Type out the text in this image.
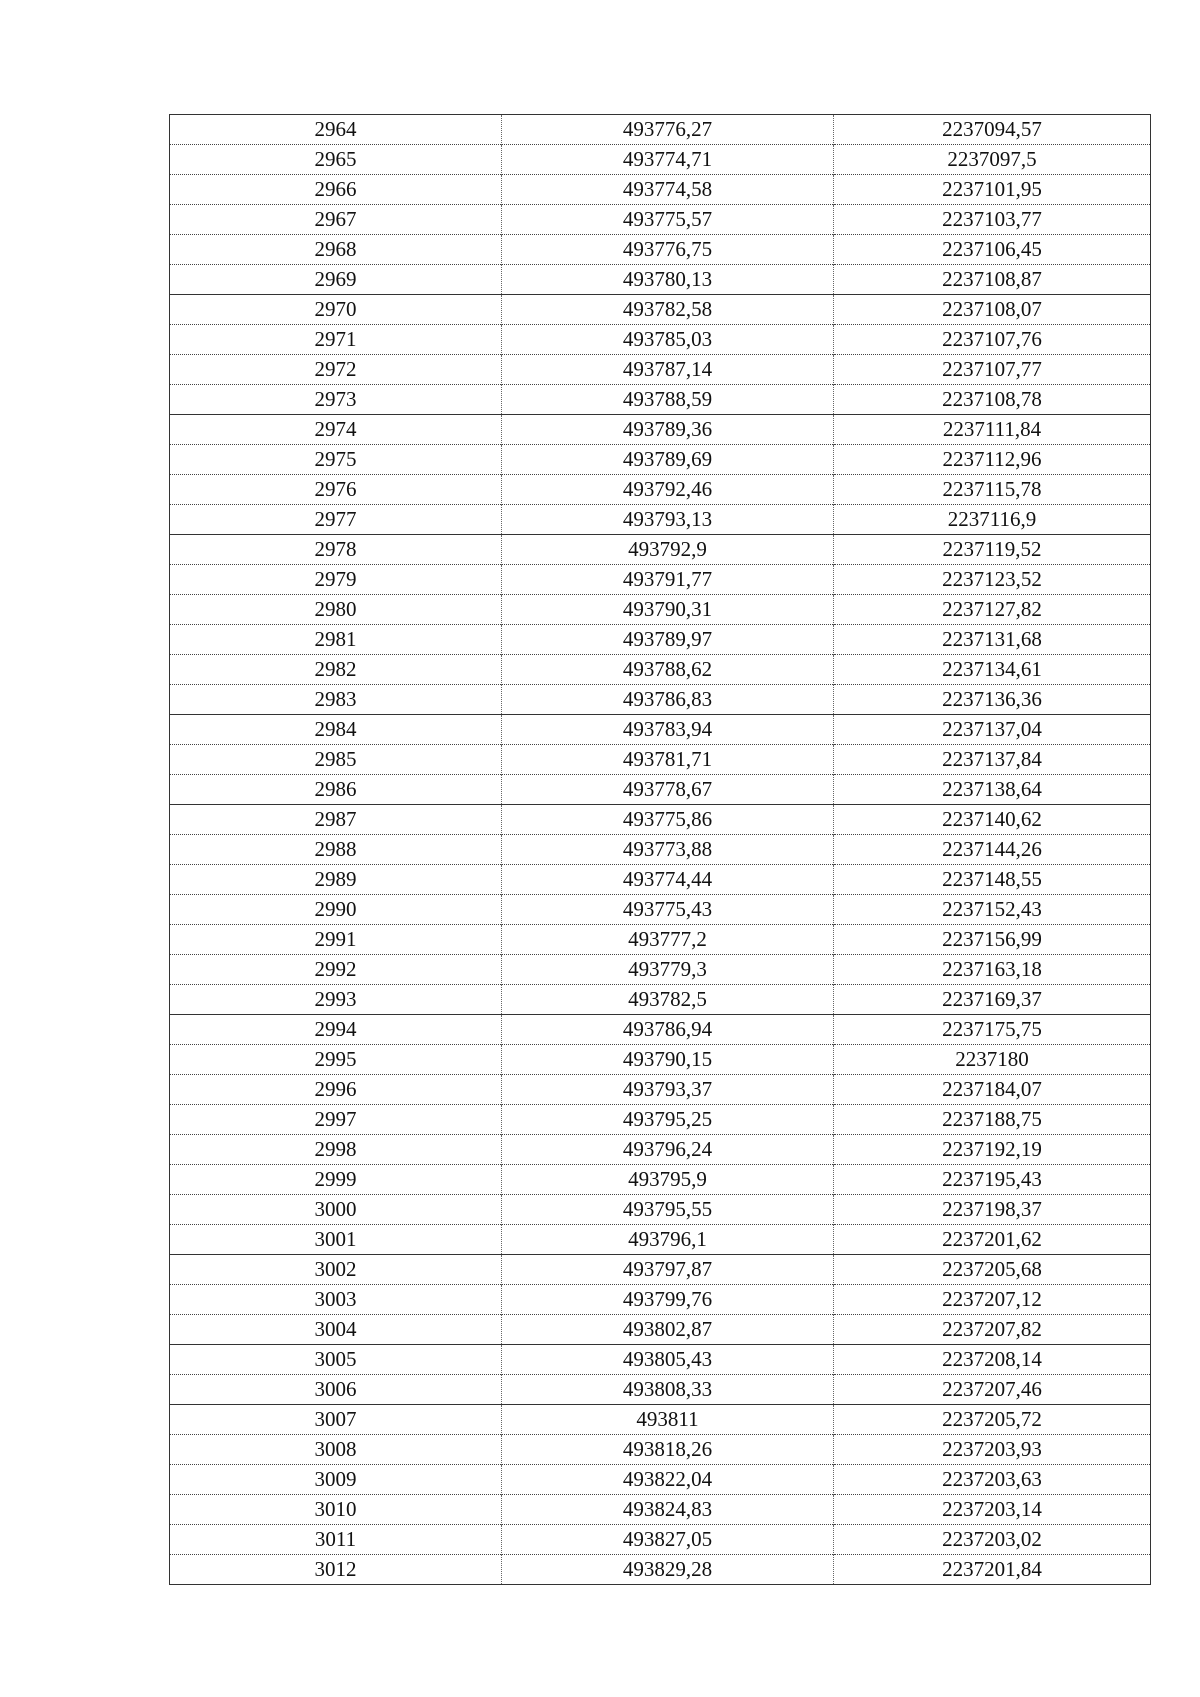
2964	493776,27	2237094,57
2965	493774,71	2237097,5
2966	493774,58	2237101,95
2967	493775,57	2237103,77
2968	493776,75	2237106,45
2969	493780,13	2237108,87
2970	493782,58	2237108,07
2971	493785,03	2237107,76
2972	493787,14	2237107,77
2973	493788,59	2237108,78
2974	493789,36	2237111,84
2975	493789,69	2237112,96
2976	493792,46	2237115,78
2977	493793,13	2237116,9
2978	493792,9	2237119,52
2979	493791,77	2237123,52
2980	493790,31	2237127,82
2981	493789,97	2237131,68
2982	493788,62	2237134,61
2983	493786,83	2237136,36
2984	493783,94	2237137,04
2985	493781,71	2237137,84
2986	493778,67	2237138,64
2987	493775,86	2237140,62
2988	493773,88	2237144,26
2989	493774,44	2237148,55
2990	493775,43	2237152,43
2991	493777,2	2237156,99
2992	493779,3	2237163,18
2993	493782,5	2237169,37
2994	493786,94	2237175,75
2995	493790,15	2237180
2996	493793,37	2237184,07
2997	493795,25	2237188,75
2998	493796,24	2237192,19
2999	493795,9	2237195,43
3000	493795,55	2237198,37
3001	493796,1	2237201,62
3002	493797,87	2237205,68
3003	493799,76	2237207,12
3004	493802,87	2237207,82
3005	493805,43	2237208,14
3006	493808,33	2237207,46
3007	493811	2237205,72
3008	493818,26	2237203,93
3009	493822,04	2237203,63
3010	493824,83	2237203,14
3011	493827,05	2237203,02
3012	493829,28	2237201,84
